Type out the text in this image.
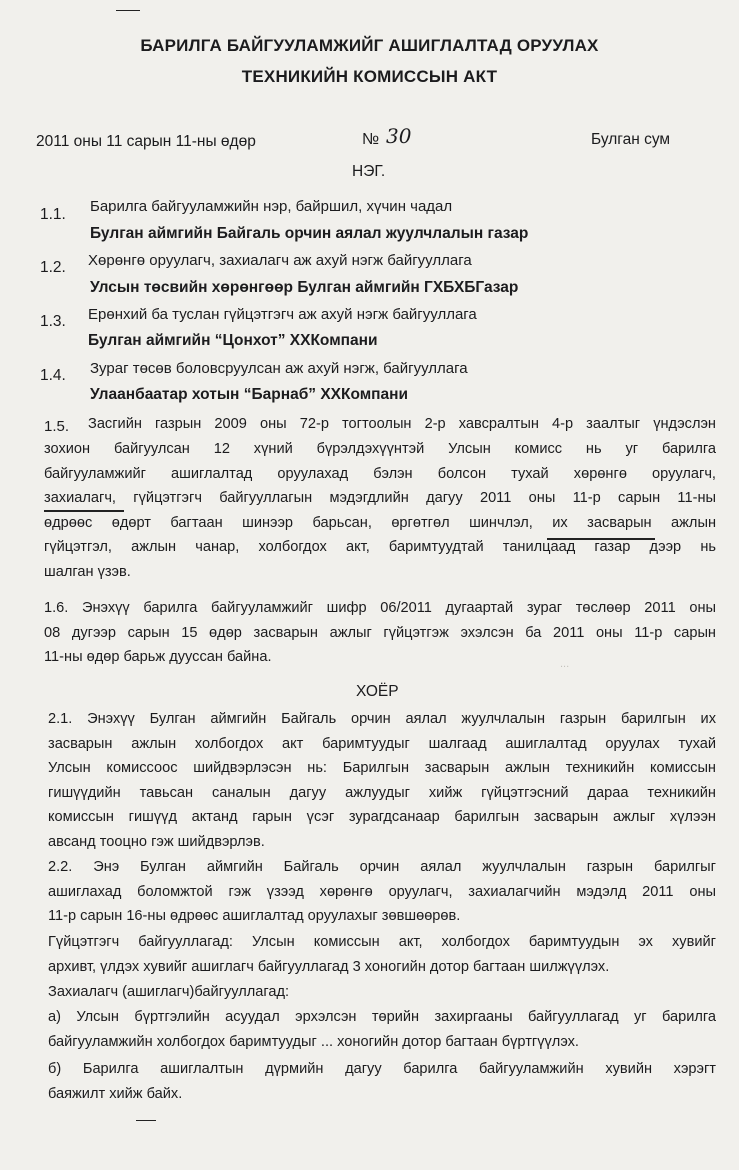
БАРИЛГА БАЙГУУЛАМЖИЙГ АШИГЛАЛТАД ОРУУЛАХ
ТЕХНИКИЙН КОМИССЫН АКТ
2011 оны 11 сарын 11-ны өдөр	№ 30	Булган сум
НЭГ.
1.1. Барилга байгууламжийн нэр, байршил, хүчин чадал
Булган аймгийн Байгаль орчин аялал жуулчлалын газар
1.2. Хөрөнгө оруулагч, захиалагч аж ахуй нэгж байгууллага
Улсын төсвийн хөрөнгөөр Булган аймгийн ГХБХБГазар
1.3. Ерөнхий ба туслан гүйцэтгэгч аж ахуй нэгж байгууллага
Булган аймгийн “Цонхот” ХХКомпани
1.4. Зураг төсөв боловсруулсан аж ахуй нэгж, байгууллага
Улаанбаатар хотын “Барнаб” ХХКомпани
1.5. Засгийн газрын 2009 оны 72-р тогтоолын 2-р хавсралтын 4-р заалтыг үндэслэн
зохион байгуулсан 12 хүний бүрэлдэхүүнтэй Улсын комисс нь уг барилга
байгууламжийг ашиглалтад оруулахад бэлэн болсон тухай хөрөнгө оруулагч,
захиалагч, гүйцэтгэгч байгууллагын мэдэгдлийн дагуу 2011 оны 11-р сарын 11-ны
өдрөөс өдөрт багтаан шинээр барьсан, өргөтгөл шинчлэл, их засварын ажлын
гүйцэтгэл, ажлын чанар, холбогдох акт, баримтуудтай танилцаад газар дээр нь
шалган үзэв.
1.6. Энэхүү барилга байгууламжийг шифр 06/2011 дугаартай зураг төслөөр 2011 оны
08 дугээр сарын 15 өдөр засварын ажлыг гүйцэтгэж эхэлсэн ба 2011 оны 11-р сарын
11-ны өдөр барьж дууссан байна.	...
ХОЁР
2.1. Энэхүү Булган аймгийн Байгаль орчин аялал жуулчлалын газрын барилгын их
засварын ажлын холбогдох акт баримтуудыг шалгаад ашиглалтад оруулах тухай
Улсын комиссоос шийдвэрлэсэн нь: Барилгын засварын ажлын техникийн комиссын
гишүүдийн тавьсан саналын дагуу ажлуудыг хийж гүйцэтгэсний дараа техникийн
комиссын гишүүд актанд гарын үсэг зурагдсанаар барилгын засварын ажлыг хүлээн
авсанд тооцно гэж шийдвэрлэв.
2.2. Энэ Булган аймгийн Байгаль орчин аялал жуулчлалын газрын барилгыг
ашиглахад боломжтой гэж үзээд хөрөнгө оруулагч, захиалагчийн мэдэлд 2011 оны
11-р сарын 16-ны өдрөөс ашиглалтад оруулахыг зөвшөөрөв.
Гүйцэтгэгч байгууллагад: Улсын комиссын акт, холбогдох баримтуудын эх хувийг
архивт, үлдэх хувийг ашиглагч байгууллагад 3 хоногийн дотор багтаан шилжүүлэх.
Захиалагч (ашиглагч)байгууллагад:
а) Улсын бүртгэлийн асуудал эрхэлсэн төрийн захиргааны байгууллагад уг барилга
байгууламжийн холбогдох баримтуудыг ... хоногийн дотор багтаан бүртгүүлэх.
б) Барилга ашиглалтын дүрмийн дагуу барилга байгууламжийн хувийн хэрэгт
баяжилт хийж байх.
